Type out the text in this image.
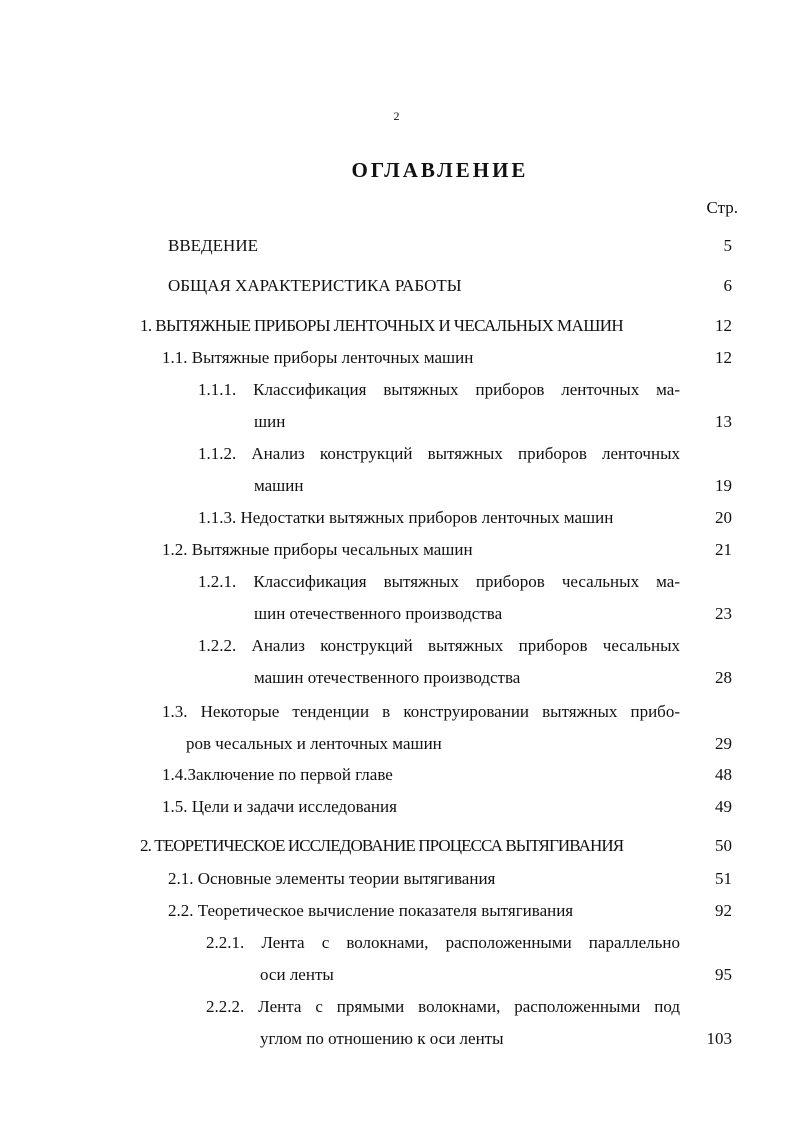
2
ОГЛАВЛЕНИЕ
Стр.
ВВЕДЕНИЕ	5
ОБЩАЯ ХАРАКТЕРИСТИКА РАБОТЫ	6
1. ВЫТЯЖНЫЕ ПРИБОРЫ ЛЕНТОЧНЫХ И ЧЕСАЛЬНЫХ МАШИН	12
1.1. Вытяжные приборы ленточных машин	12
1.1.1. Классификация вытяжных приборов ленточных ма-
шин	13
1.1.2. Анализ конструкций вытяжных приборов ленточных
машин	19
1.1.3. Недостатки вытяжных приборов ленточных машин	20
1.2. Вытяжные приборы чесальных машин	21
1.2.1. Классификация вытяжных приборов чесальных ма-
шин отечественного производства	23
1.2.2. Анализ конструкций вытяжных приборов чесальных
машин отечественного производства	28
1.3. Некоторые тенденции в конструировании вытяжных прибо-
ров чесальных и ленточных машин	29
1.4.Заключение по первой главе	48
1.5. Цели и задачи исследования	49
2. ТЕОРЕТИЧЕСКОЕ ИССЛЕДОВАНИЕ ПРОЦЕССА ВЫТЯГИВАНИЯ	50
2.1. Основные элементы теории вытягивания	51
2.2. Теоретическое вычисление показателя вытягивания	92
2.2.1. Лента с волокнами, расположенными параллельно
оси ленты	95
2.2.2. Лента с прямыми волокнами, расположенными под
углом по отношению к оси ленты	103
